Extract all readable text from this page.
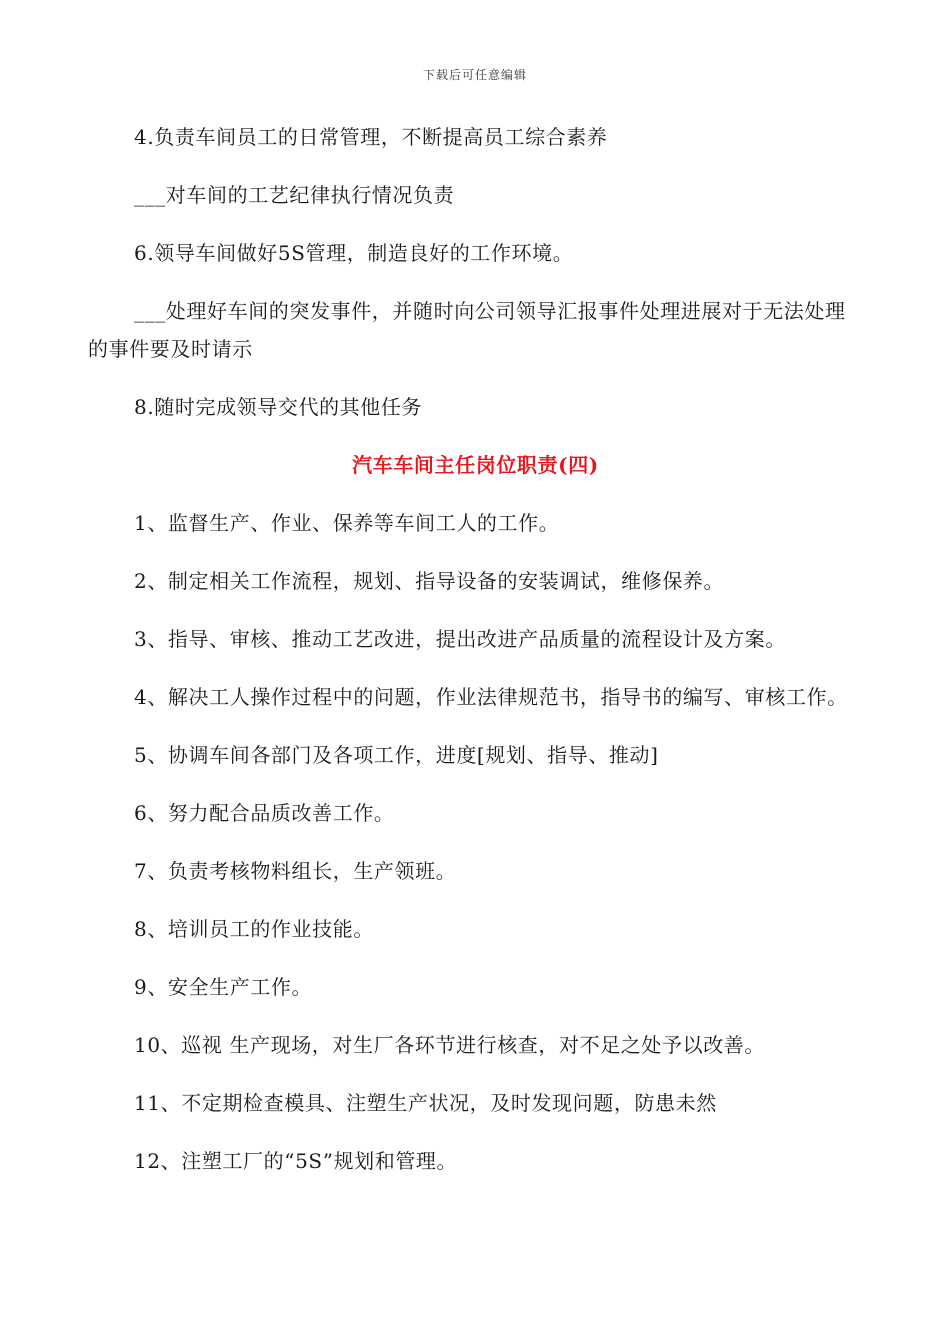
下载后可任意编辑

4.负责车间员工的日常管理，不断提高员工综合素养

___对车间的工艺纪律执行情况负责

6.领导车间做好5S管理，制造良好的工作环境。

___处理好车间的突发事件，并随时向公司领导汇报事件处理进展对于无法处理的事件要及时请示

8.随时完成领导交代的其他任务

汽车车间主任岗位职责(四)

1、监督生产、作业、保养等车间工人的工作。

2、制定相关工作流程，规划、指导设备的安装调试，维修保养。

3、指导、审核、推动工艺改进，提出改进产品质量的流程设计及方案。

4、解决工人操作过程中的问题，作业法律规范书，指导书的编写、审核工作。

5、协调车间各部门及各项工作，进度[规划、指导、推动]

6、努力配合品质改善工作。

7、负责考核物料组长，生产领班。

8、培训员工的作业技能。

9、安全生产工作。

10、巡视 生产现场，对生厂各环节进行核查，对不足之处予以改善。

11、不定期检查模具、注塑生产状况，及时发现问题，防患未然

12、注塑工厂的“5S”规划和管理。
